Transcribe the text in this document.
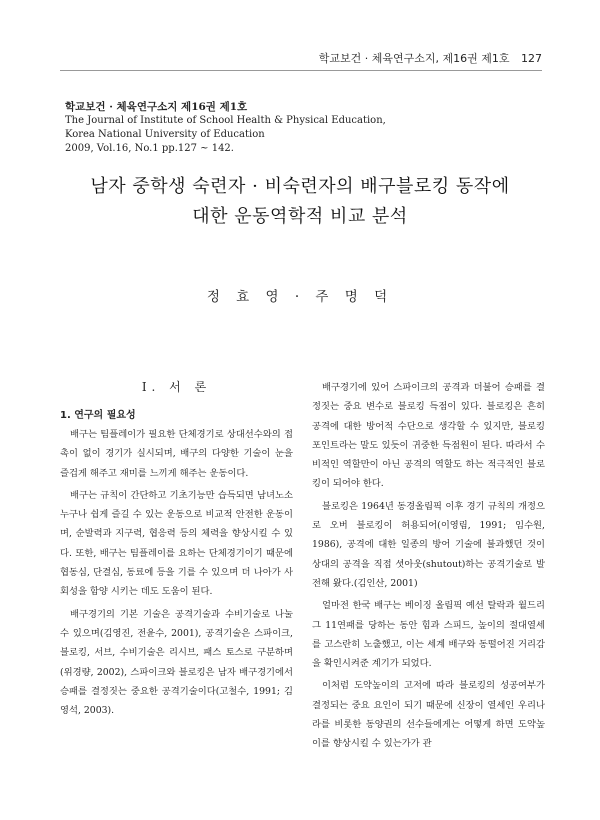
학교보건 · 체육연구소지, 제16권 제1호 127
학교보건 · 체육연구소지 제16권 제1호
The Journal of Institute of School Health & Physical Education,
Korea National University of Education
2009, Vol.16, No.1 pp.127 ~ 142.
남자 중학생 숙련자 · 비숙련자의 배구블로킹 동작에
대한 운동역학적 비교 분석
정 효 영 · 주 명 덕
Ⅰ. 서 론
1. 연구의 필요성

배구는 팀플레이가 필요한 단체경기로 상대선수와의 접촉이 없이 경기가 실시되며, 배구의 다양한 기술이 눈을 즐겁게 해주고 재미를 느끼게 해주는 운동이다.

배구는 규칙이 간단하고 기초기능만 습득되면 남녀노소 누구나 쉽게 즐길 수 있는 운동으로 비교적 안전한 운동이며, 순발력과 지구력, 협응력 등의 체력을 향상시킬 수 있다. 또한, 배구는 팀플레이를 요하는 단체경기이기 때문에 협동심, 단결심, 동료에 등을 기를 수 있으며 더 나아가 사회성을 함양 시키는 데도 도움이 된다.

배구경기의 기본 기술은 공격기술과 수비기술로 나눌 수 있으며(김영진, 전윤수, 2001), 공격기술은 스파이크, 블로킹, 서브, 수비기술은 리시브, 패스 토스로 구분하며(위경량, 2002), 스파이크와 블로킹은 남자 배구경기에서 승패를 결정짓는 중요한 공격기술이다(고철수, 1991; 김영석, 2003).

배구경기에 있어 스파이크의 공격과 더불어 승패를 결정짓는 중요 변수로 블로킹 득점이 있다. 블로킹은 흔히 공격에 대한 방어적 수단으로 생각할 수 있지만, 블로킹 포인트라는 말도 있듯이 귀중한 득점원이 된다. 따라서 수비적인 역할만이 아닌 공격의 역할도 하는 적극적인 블로킹이 되어야 한다.

블로킹은 1964년 동경올림픽 이후 경기 규칙의 개정으로 오버 블로킹이 허용되어(이영림, 1991; 임수원, 1986), 공격에 대한 일종의 방어 기술에 불과했던 것이 상대의 공격을 직접 셧아웃(shutout)하는 공격기술로 발전해 왔다.(김인산, 2001)

얼마전 한국 배구는 베이징 올림픽 예선 탈락과 월드리그 11연패를 당하는 동안 힘과 스피드, 높이의 절대열세를 고스란히 노출했고, 이는 세계 배구와 동떨어진 거리감을 확인시켜준 계기가 되었다.

이처럼 도약높이의 고저에 따라 블로킹의 성공여부가 결정되는 중요 요인이 되기 때문에 신장이 열세인 우리나라를 비롯한 동양권의 선수들에게는 어떻게 하면 도약높이를 향상시킬 수 있는가가 관
